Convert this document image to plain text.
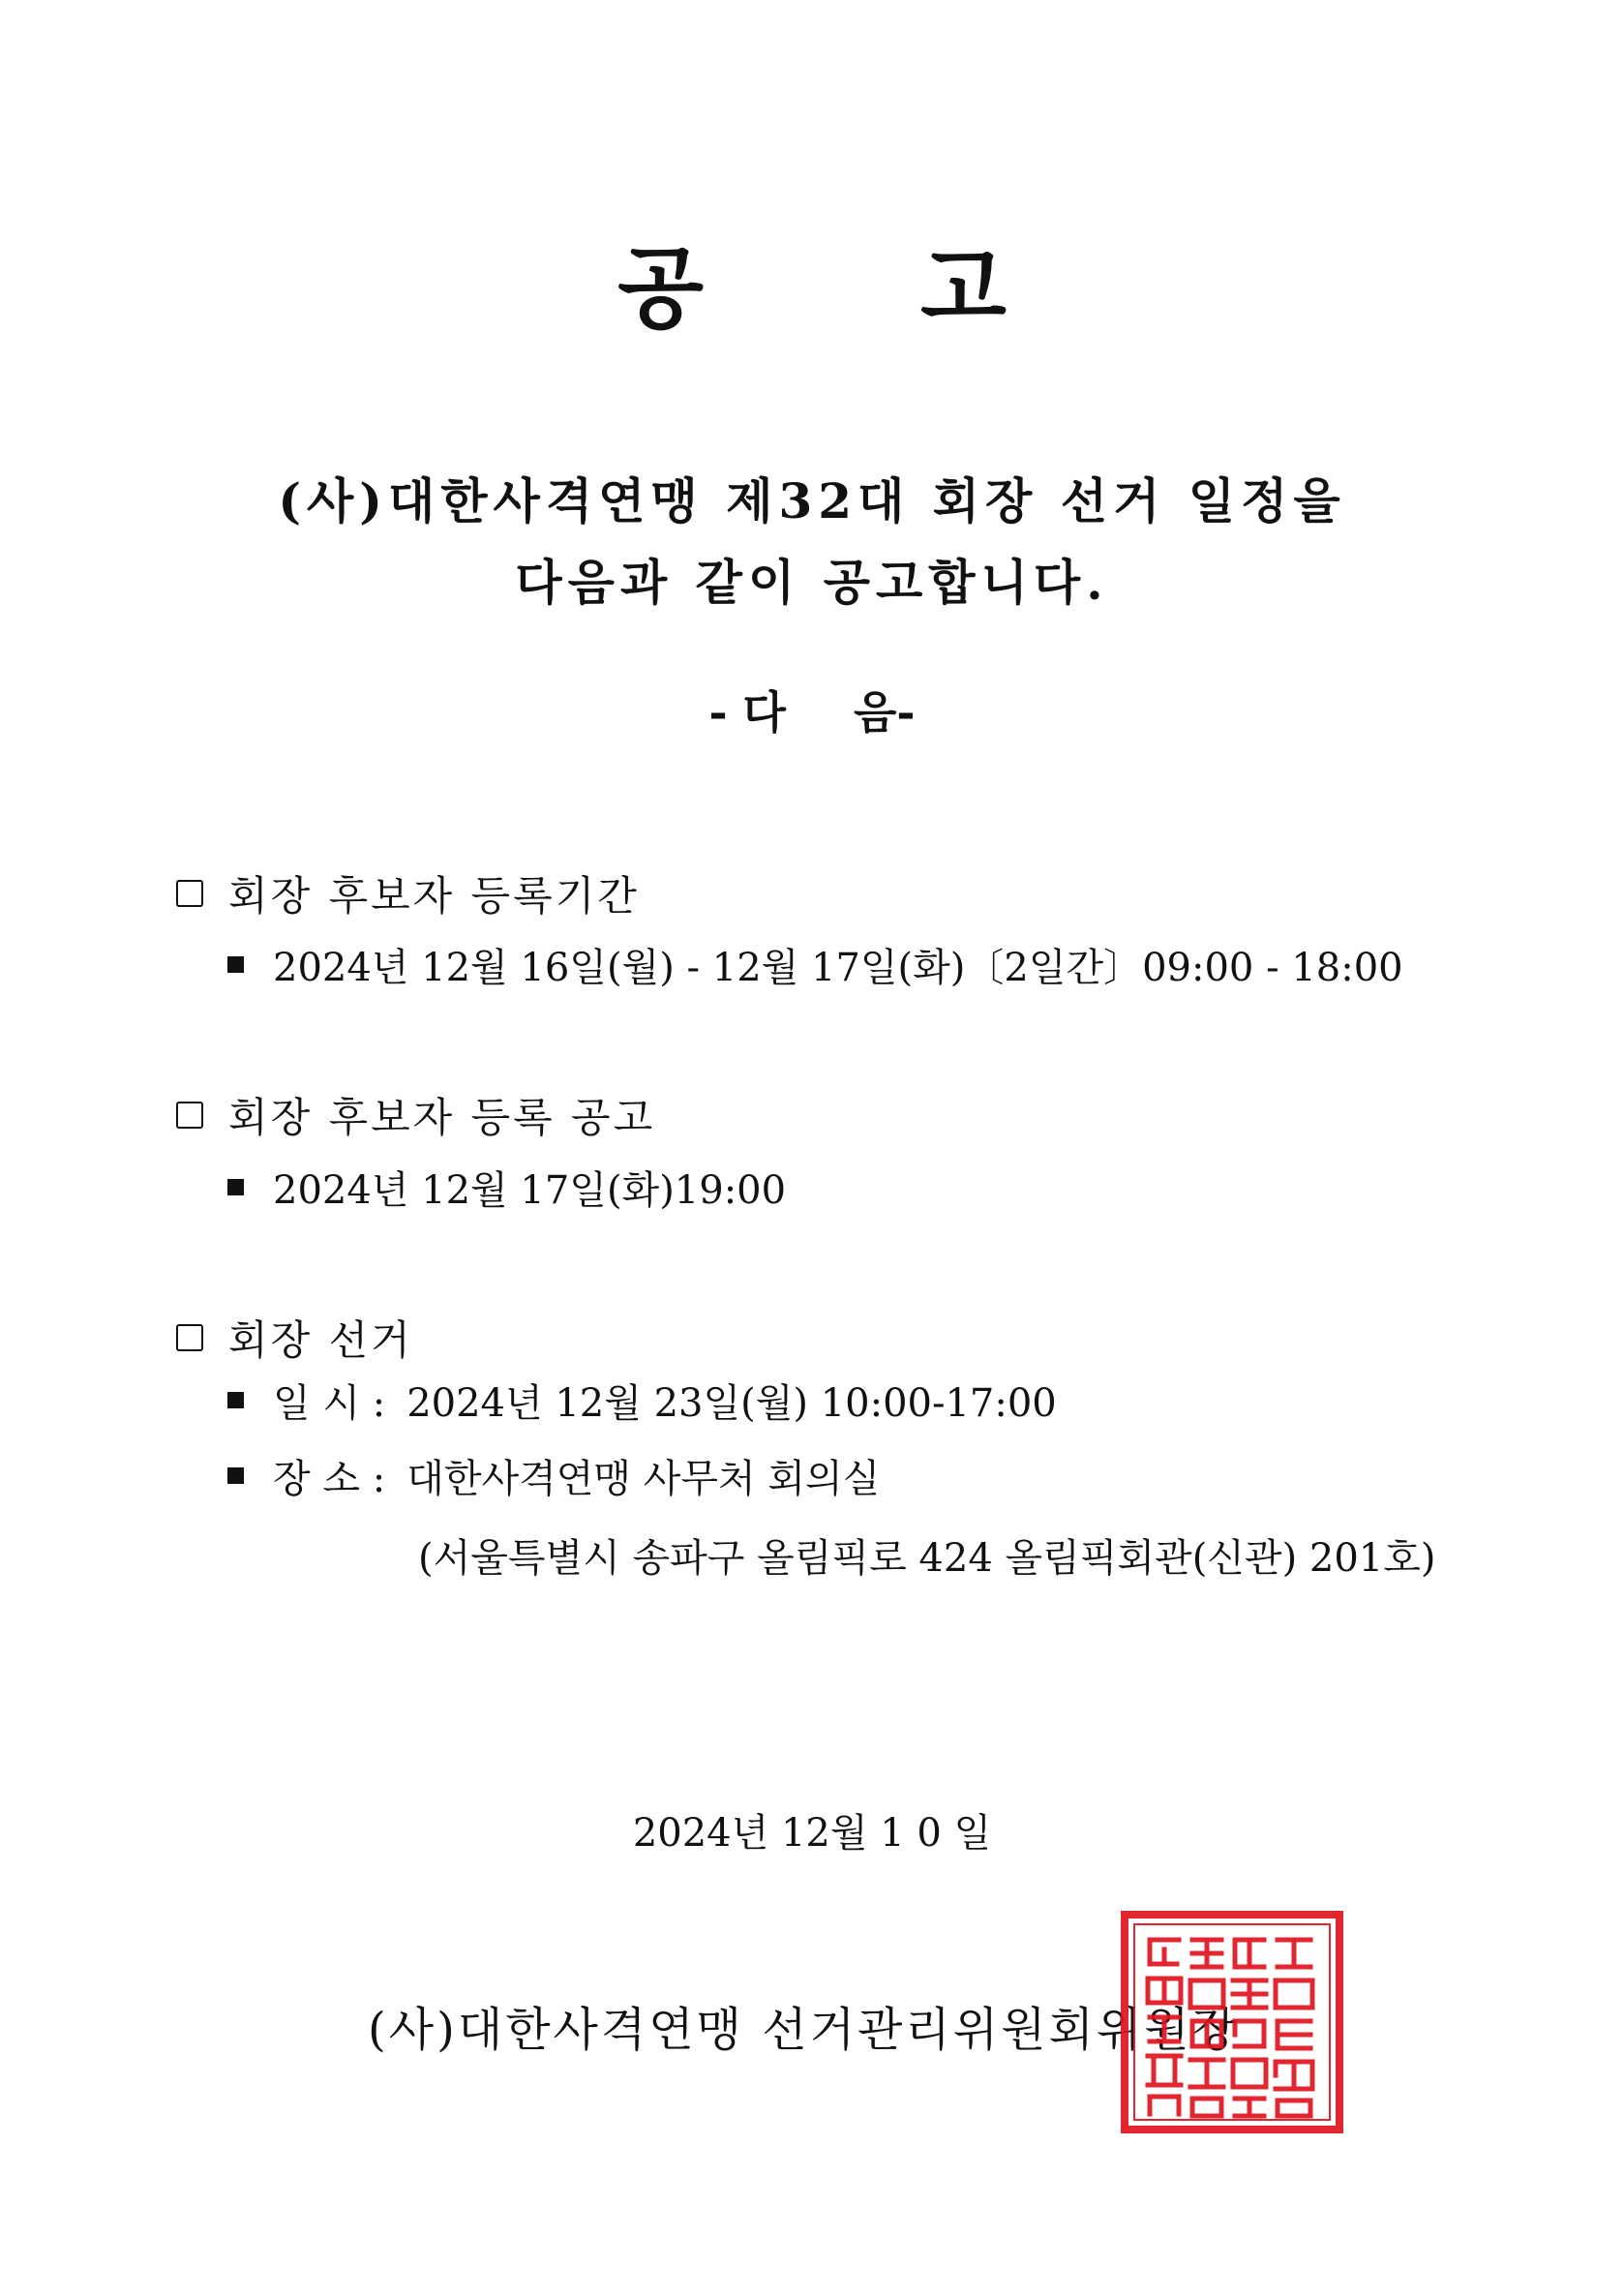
공 고
(사)대한사격연맹 제32대 회장 선거 일정을
다음과 같이 공고합니다.
- 다 음-
회장 후보자 등록기간
2024년 12월 16일(월) - 12월 17일(화)〔2일간〕09:00 - 18:00
회장 후보자 등록 공고
2024년 12월 17일(화)19:00
회장 선거
일 시 : 2024년 12월 23일(월) 10:00-17:00
장 소 : 대한사격연맹 사무처 회의실
(서울특별시 송파구 올림픽로 424 올림픽회관(신관) 201호)
2024년 12월 1 0 일
(사)대한사격연맹 선거관리위원회위원장
